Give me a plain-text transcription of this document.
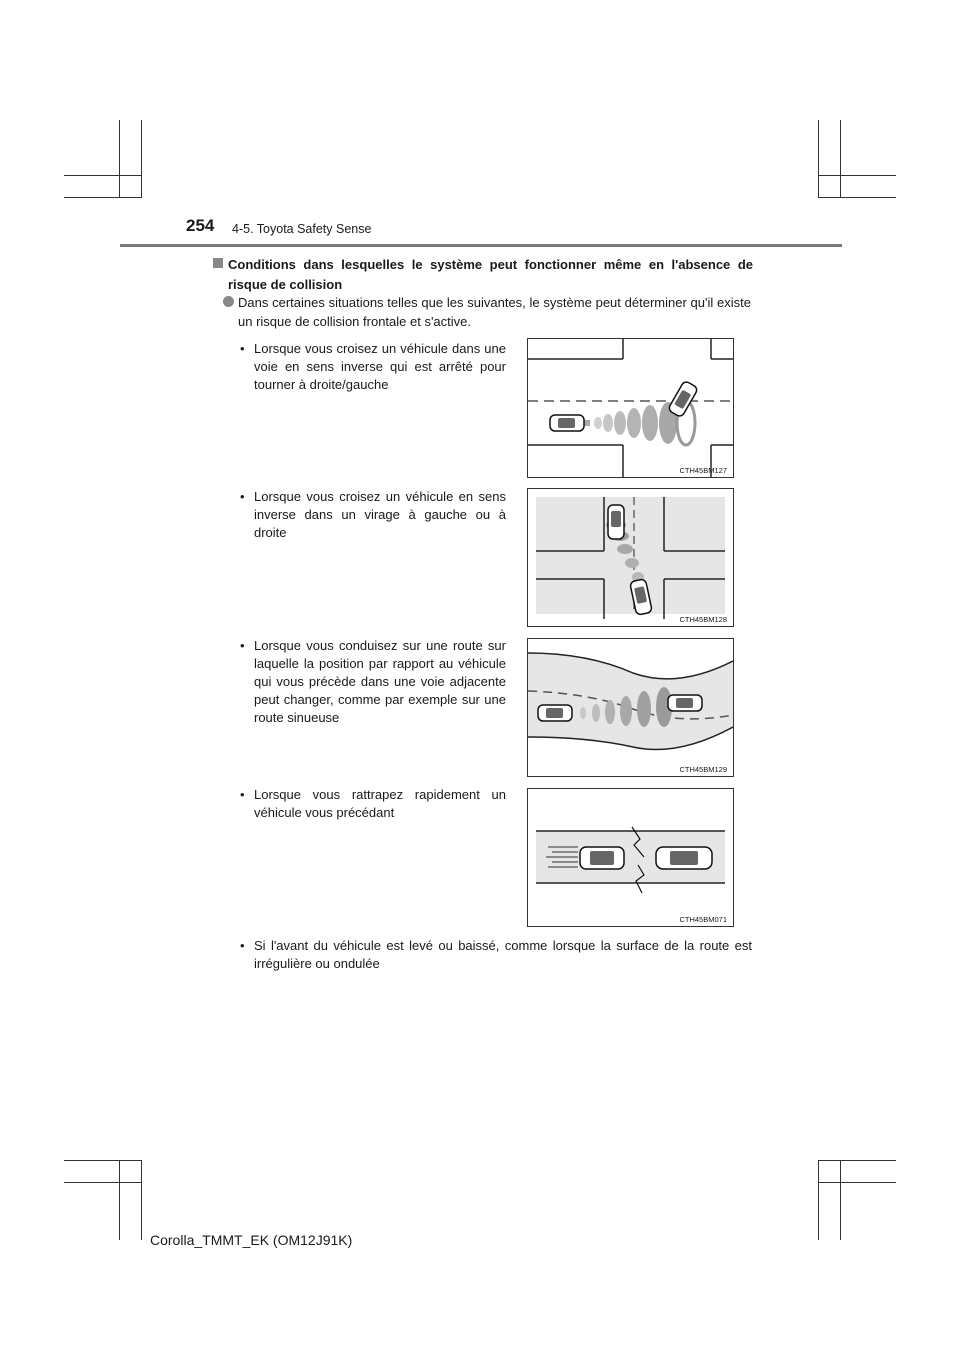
254 4-5. Toyota Safety Sense
Conditions dans lesquelles le système peut fonctionner même en l'absence de risque de collision
Dans certaines situations telles que les suivantes, le système peut déterminer qu'il existe un risque de collision frontale et s'active.
• Lorsque vous croisez un véhicule dans une voie en sens inverse qui est arrêté pour tourner à droite/gauche
CTH45BM127
• Lorsque vous croisez un véhicule en sens inverse dans un virage à gauche ou à droite
CTH45BM128
• Lorsque vous conduisez sur une route sur laquelle la position par rapport au véhicule qui vous précède dans une voie adjacente peut changer, comme par exemple sur une route sinueuse
CTH45BM129
• Lorsque vous rattrapez rapidement un véhicule vous précédant
CTH45BM071
• Si l'avant du véhicule est levé ou baissé, comme lorsque la surface de la route est irrégulière ou ondulée
Corolla_TMMT_EK (OM12J91K)
